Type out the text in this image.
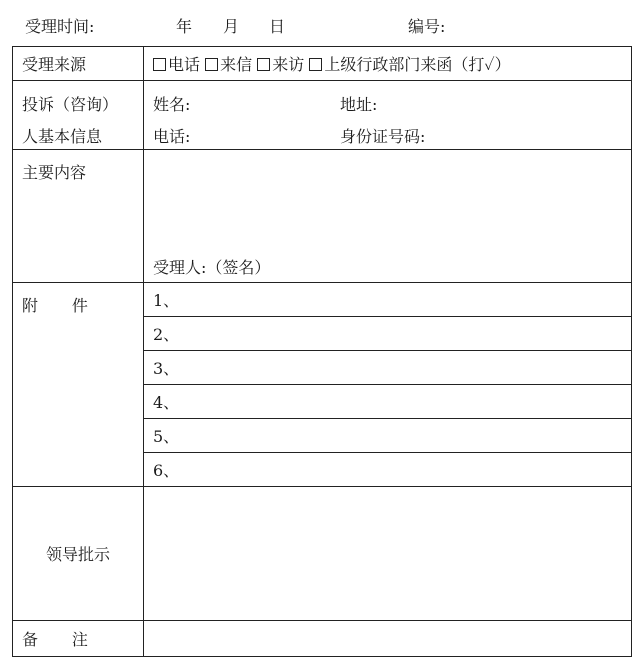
受理时间:	年 月 日	编号:
受理来源	电话 来信 来访 上级行政部门来函（打✓）

投诉（咨询）
人基本信息	姓名: 地址:
电话: 身份证号码:

主要内容	受理人:（签名）

附 件	1、
	2、
	3、
	4、
	5、
	6、
领导批示	
备 注	
